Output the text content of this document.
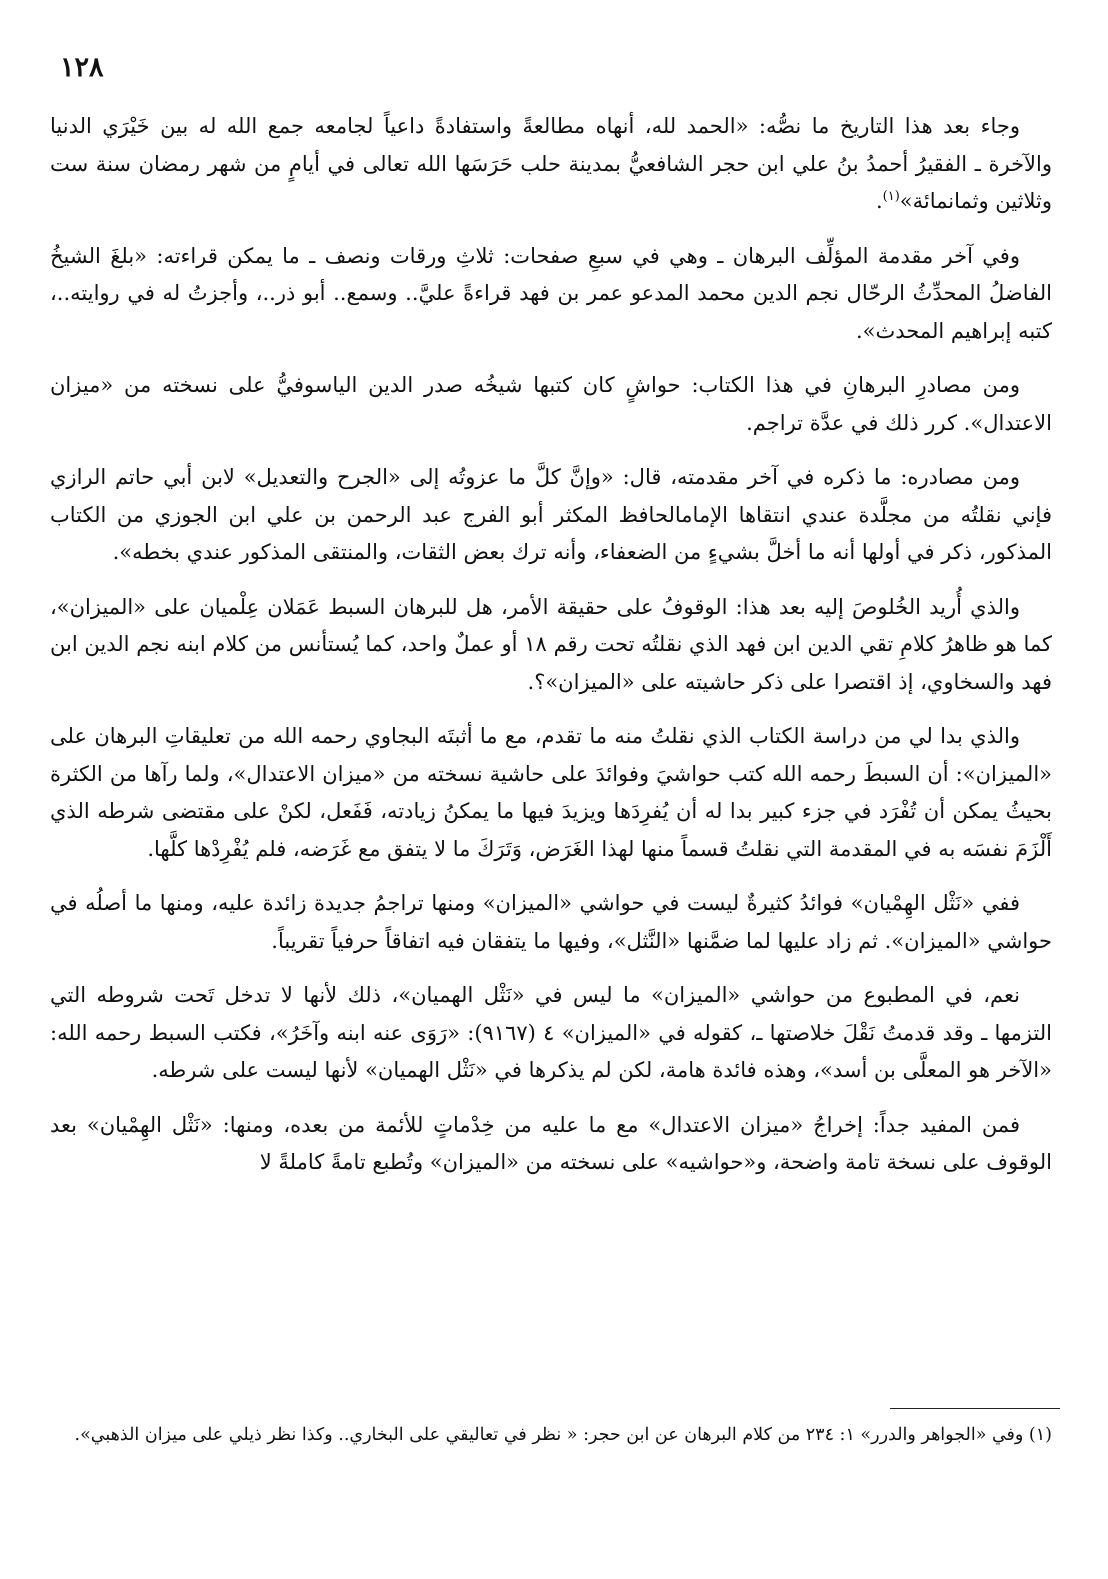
١٢٨

وجاء بعد هذا التاريخ ما نصُّه: «الحمد لله، أنهاه مطالعةً واستفادةً داعياً لجامعه جمع الله له بين خَيْرَي الدنيا والآخرة ـ الفقيرُ أحمدُ بنُ علي ابن حجر الشافعيُّ بمدينة حلب حَرَسَها الله تعالى في أيامٍ من شهر رمضان سنة ست وثلاثين وثمانمائة»$^{(١)}$.

وفي آخر مقدمة المؤلِّف البرهان ـ وهي في سبعِ صفحات: ثلاثِ ورقات ونصف ـ ما يمكن قراءته: «بلغَ الشيخُ الفاضلُ المحدِّثُ الرحّال نجم الدين محمد المدعو عمر بن فهد قراءةً عليَّ.. وسمع.. أبو ذر..، وأجزتُ له في روايته..، كتبه إبراهيم المحدث».

ومن مصادرِ البرهانِ في هذا الكتاب: حواشٍ كان كتبها شيخُه صدر الدين الياسوفيُّ على نسخته من «ميزان الاعتدال». كرر ذلك في عدَّة تراجم.

ومن مصادره: ما ذكره في آخر مقدمته، قال: «وإنَّ كلَّ ما عزوتُه إلى «الجرح والتعديل» لابن أبي حاتم الرازي فإني نقلتُه من مجلَّدة عندي انتقاها الإمامالحافظ المكثر أبو الفرج عبد الرحمن بن علي ابن الجوزي من الكتاب المذكور، ذكر في أولها أنه ما أخلَّ بشيءٍ من الضعفاء، وأنه ترك بعض الثقات، والمنتقى المذكور عندي بخطه».

والذي أُريد الخُلوصَ إليه بعد هذا: الوقوفُ على حقيقة الأمر، هل للبرهان السبط عَمَلان عِلْميان على «الميزان»، كما هو ظاهرُ كلامِ تقي الدين ابن فهد الذي نقلتُه تحت رقم ١٨ أو عملٌ واحد، كما يُستأنس من كلام ابنه نجم الدين ابن فهد والسخاوي، إذ اقتصرا على ذكر حاشيته على «الميزان»؟.

والذي بدا لي من دراسة الكتاب الذي نقلتُ منه ما تقدم، مع ما أثبتَه البجاوي رحمه الله من تعليقاتِ البرهان على «الميزان»: أن السبطَ رحمه الله كتب حواشيَ وفوائدَ على حاشية نسخته من «ميزان الاعتدال»، ولما رآها من الكثرة بحيثُ يمكن أن تُفْرَد في جزء كبير بدا له أن يُفرِدَها ويزيدَ فيها ما يمكنُ زيادته، فَفَعل، لكنْ على مقتضى شرطه الذي أَلْزَمَ نفسَه به في المقدمة التي نقلتُ قسماً منها لهذا الغَرَض، وَتَرَكَ ما لا يتفق مع غَرَضه، فلم يُفْرِدْها كلَّها.

ففي «نَثْل الهِمْيان» فوائدُ كثيرةٌ ليست في حواشي «الميزان» ومنها تراجمُ جديدة زائدة عليه، ومنها ما أصلُه في حواشي «الميزان». ثم زاد عليها لما ضمَّنها «النَّثل»، وفيها ما يتفقان فيه اتفاقاً حرفياً تقريباً.

نعم، في المطبوع من حواشي «الميزان» ما ليس في «نَثْل الهميان»، ذلك لأنها لا تدخل تَحت شروطه التي التزمها ـ وقد قدمتُ نَقْلَ خلاصتها ـ، كقوله في «الميزان» ٤ (٩١٦٧): «رَوَى عنه ابنه وآخَرُ»، فكتب السبط رحمه الله: «الآخر هو المعلَّى بن أسد»، وهذه فائدة هامة، لكن لم يذكرها في «نَثْل الهميان» لأنها ليست على شرطه.

فمن المفيد جداً: إخراجُ «ميزان الاعتدال» مع ما عليه من خِدْماتٍ للأئمة من بعده، ومنها: «نَثْل الهِمْيان» بعد الوقوف على نسخة تامة واضحة، و«حواشيه» على نسخته من «الميزان» وتُطبع تامةً كاملةً لا

(١) وفي «الجواهر والدرر» ١: ٢٣٤ من كلام البرهان عن ابن حجر: « نظر في تعاليقي على البخاري.. وكذا نظر ذيلي على ميزان الذهبي».
